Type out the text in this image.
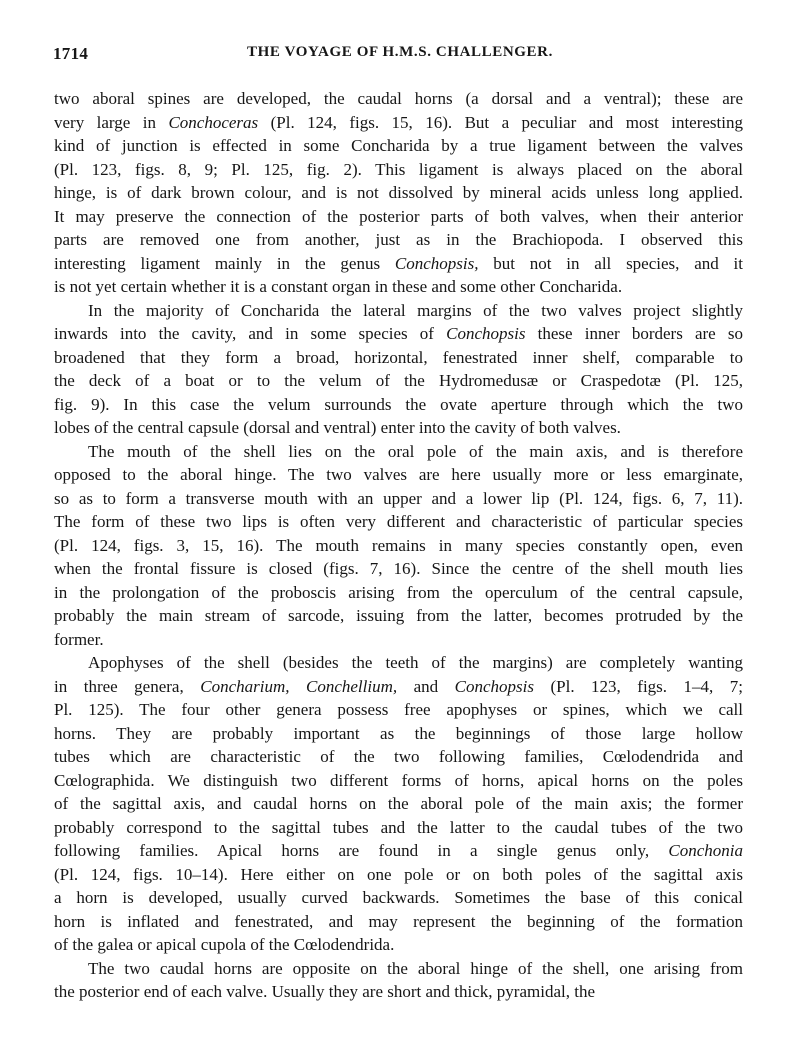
1714	THE VOYAGE OF H.M.S. CHALLENGER.
two aboral spines are developed, the caudal horns (a dorsal and a ventral); these are
very large in Conchoceras (Pl. 124, figs. 15, 16). But a peculiar and most interesting
kind of junction is effected in some Concharida by a true ligament between the valves
(Pl. 123, figs. 8, 9; Pl. 125, fig. 2). This ligament is always placed on the aboral
hinge, is of dark brown colour, and is not dissolved by mineral acids unless long applied.
It may preserve the connection of the posterior parts of both valves, when their anterior
parts are removed one from another, just as in the Brachiopoda. I observed this
interesting ligament mainly in the genus Conchopsis, but not in all species, and it
is not yet certain whether it is a constant organ in these and some other Concharida.
In the majority of Concharida the lateral margins of the two valves project slightly
inwards into the cavity, and in some species of Conchopsis these inner borders are so
broadened that they form a broad, horizontal, fenestrated inner shelf, comparable to
the deck of a boat or to the velum of the Hydromedusæ or Craspedotæ (Pl. 125,
fig. 9). In this case the velum surrounds the ovate aperture through which the two
lobes of the central capsule (dorsal and ventral) enter into the cavity of both valves.
The mouth of the shell lies on the oral pole of the main axis, and is therefore
opposed to the aboral hinge. The two valves are here usually more or less emarginate,
so as to form a transverse mouth with an upper and a lower lip (Pl. 124, figs. 6, 7, 11).
The form of these two lips is often very different and characteristic of particular species
(Pl. 124, figs. 3, 15, 16). The mouth remains in many species constantly open, even
when the frontal fissure is closed (figs. 7, 16). Since the centre of the shell mouth lies
in the prolongation of the proboscis arising from the operculum of the central capsule,
probably the main stream of sarcode, issuing from the latter, becomes protruded by the
former.
Apophyses of the shell (besides the teeth of the margins) are completely wanting
in three genera, Concharium, Conchellium, and Conchopsis (Pl. 123, figs. 1–4, 7;
Pl. 125). The four other genera possess free apophyses or spines, which we call
horns. They are probably important as the beginnings of those large hollow
tubes which are characteristic of the two following families, Cœlodendrida and
Cœlographida. We distinguish two different forms of horns, apical horns on the poles
of the sagittal axis, and caudal horns on the aboral pole of the main axis; the former
probably correspond to the sagittal tubes and the latter to the caudal tubes of the two
following families. Apical horns are found in a single genus only, Conchonia
(Pl. 124, figs. 10–14). Here either on one pole or on both poles of the sagittal axis
a horn is developed, usually curved backwards. Sometimes the base of this conical
horn is inflated and fenestrated, and may represent the beginning of the formation
of the galea or apical cupola of the Cœlodendrida.
The two caudal horns are opposite on the aboral hinge of the shell, one arising from
the posterior end of each valve. Usually they are short and thick, pyramidal, the
